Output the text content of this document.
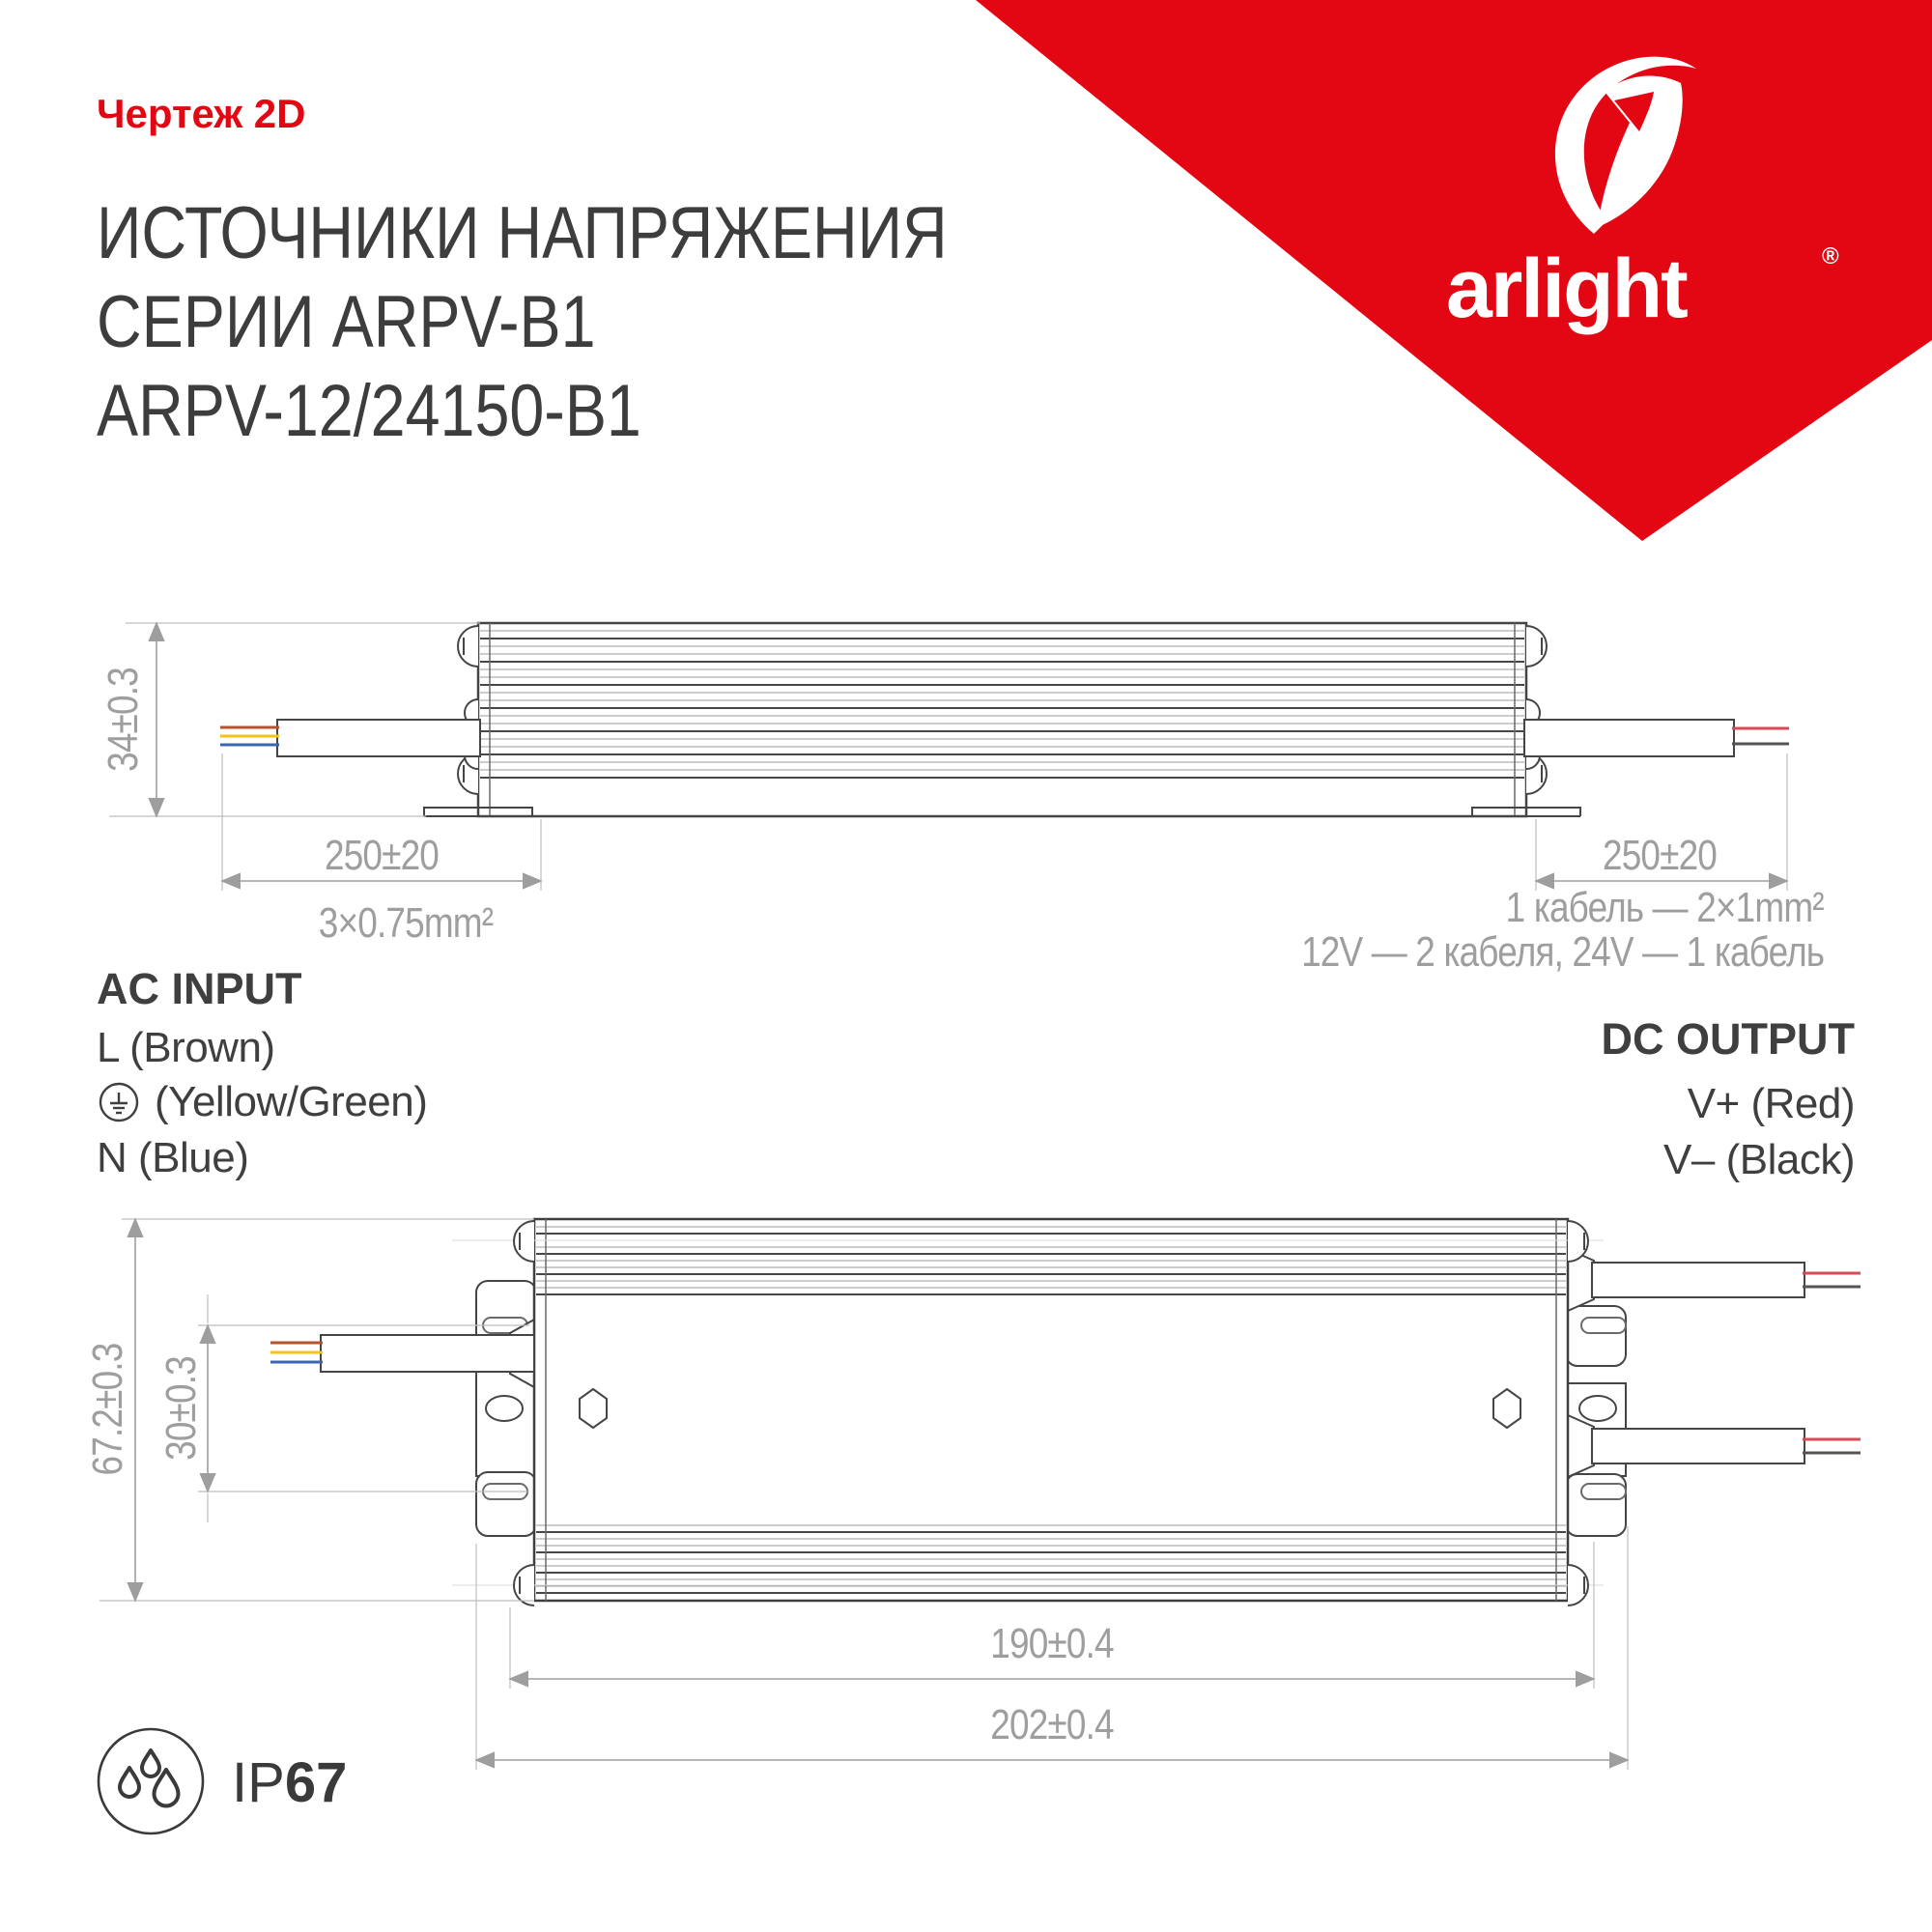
arlight	®
Чертеж 2D
ИСТОЧНИКИ НАПРЯЖЕНИЯ
СЕРИИ ARPV-B1
ARPV-12/24150-B1
34±0.3
250±20
3×0.75mm²
250±20
1 кабель — 2×1mm²
12V — 2 кабеля, 24V — 1 кабель
67.2±0.3 30±0.3
190±0.4
202±0.4
AC INPUT
L (Brown)
(Yellow/Green)
N (Blue)
DC OUTPUT
V+ (Red)
V– (Black)
IP67
